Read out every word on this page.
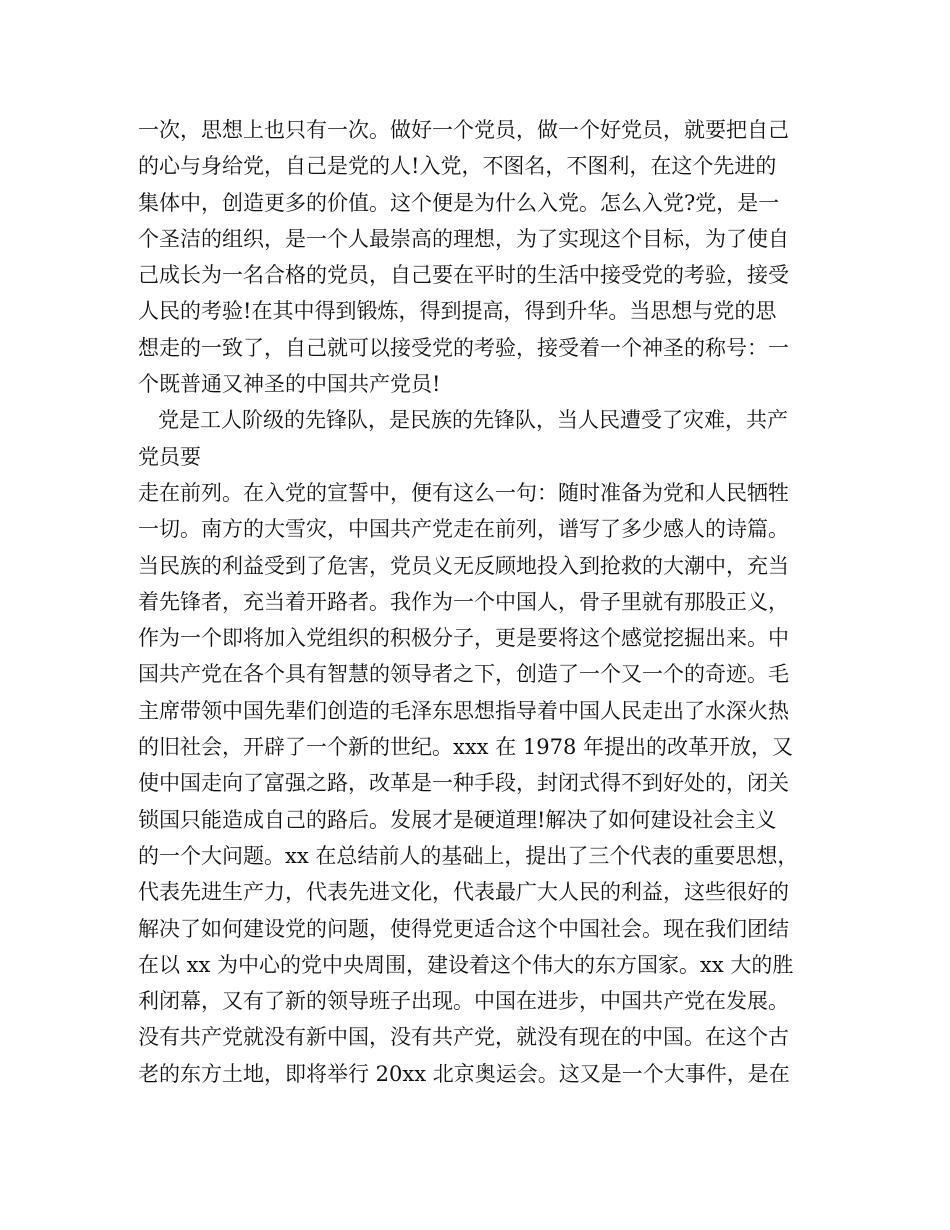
一次，思想上也只有一次。做好一个党员，做一个好党员，就要把自己
的心与身给党，自己是党的人!入党，不图名，不图利，在这个先进的
集体中，创造更多的价值。这个便是为什么入党。怎么入党?党，是一
个圣洁的组织，是一个人最崇高的理想，为了实现这个目标，为了使自
己成长为一名合格的党员，自己要在平时的生活中接受党的考验，接受
人民的考验!在其中得到锻炼，得到提高，得到升华。当思想与党的思
想走的一致了，自己就可以接受党的考验，接受着一个神圣的称号：一
个既普通又神圣的中国共产党员!
党是工人阶级的先锋队，是民族的先锋队，当人民遭受了灾难，共产
党员要
走在前列。在入党的宣誓中，便有这么一句：随时准备为党和人民牺牲
一切。南方的大雪灾，中国共产党走在前列，谱写了多少感人的诗篇。
当民族的利益受到了危害，党员义无反顾地投入到抢救的大潮中，充当
着先锋者，充当着开路者。我作为一个中国人，骨子里就有那股正义，
作为一个即将加入党组织的积极分子，更是要将这个感觉挖掘出来。中
国共产党在各个具有智慧的领导者之下，创造了一个又一个的奇迹。毛
主席带领中国先辈们创造的毛泽东思想指导着中国人民走出了水深火热
的旧社会，开辟了一个新的世纪。xxx 在 1978 年提出的改革开放，又
使中国走向了富强之路，改革是一种手段，封闭式得不到好处的，闭关
锁国只能造成自己的路后。发展才是硬道理!解决了如何建设社会主义
的一个大问题。xx 在总结前人的基础上，提出了三个代表的重要思想，
代表先进生产力，代表先进文化，代表最广大人民的利益，这些很好的
解决了如何建设党的问题，使得党更适合这个中国社会。现在我们团结
在以 xx 为中心的党中央周围，建设着这个伟大的东方国家。xx 大的胜
利闭幕，又有了新的领导班子出现。中国在进步，中国共产党在发展。
没有共产党就没有新中国，没有共产党，就没有现在的中国。在这个古
老的东方土地，即将举行 20xx 北京奥运会。这又是一个大事件，是在
